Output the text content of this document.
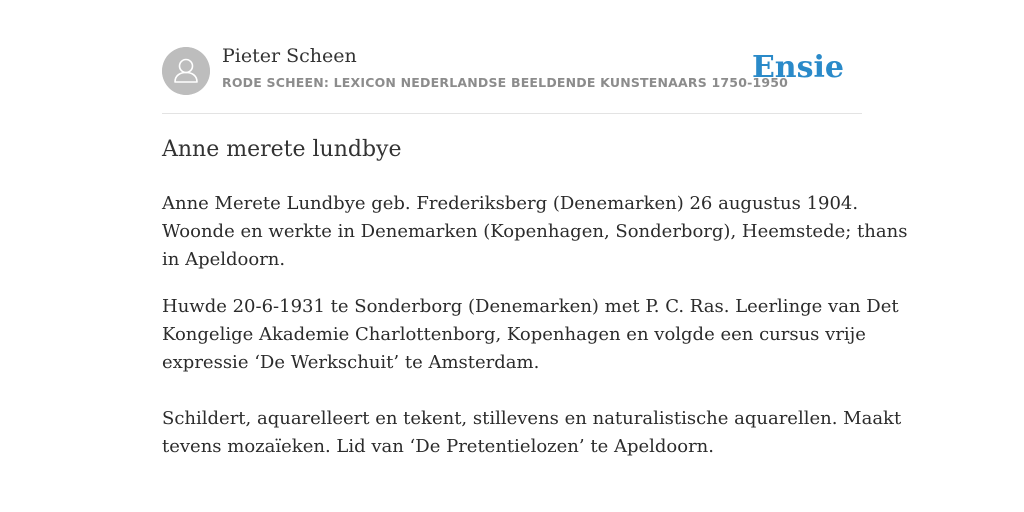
Pieter Scheen
RODE SCHEEN: LEXICON NEDERLANDSE BEELDENDE KUNSTENAARS 1750-1950
Ensie
Anne merete lundbye
Anne Merete Lundbye geb. Frederiksberg (Denemarken) 26 augustus 1904.
Woonde en werkte in Denemarken (Kopenhagen, Sonderborg), Heemstede; thans
in Apeldoorn.
Huwde 20-6-1931 te Sonderborg (Denemarken) met P. C. Ras. Leerlinge van Det
Kongelige Akademie Charlottenborg, Kopenhagen en volgde een cursus vrije
expressie ‘De Werkschuit’ te Amsterdam.
Schildert, aquarelleert en tekent, stillevens en naturalistische aquarellen. Maakt
tevens mozaïeken. Lid van ‘De Pretentielozen’ te Apeldoorn.
